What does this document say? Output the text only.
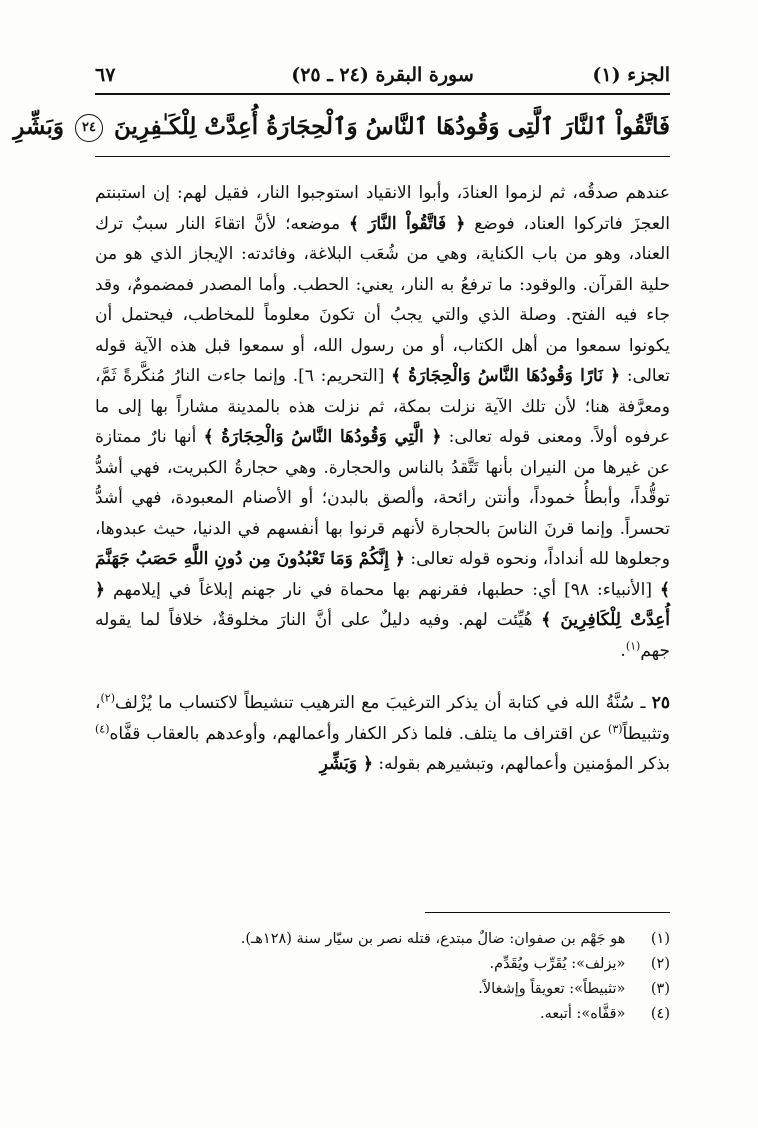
الجزء (١)
سورة البقرة (٢٤ ـ ٢٥)
٦٧
فَاتَّقُواْ ٱلنَّارَ ٱلَّتِى وَقُودُهَا ٱلنَّاسُ وَٱلْحِجَارَةُ أُعِدَّتْ لِلْكَـٰفِرِينَ ٢٤ وَبَشِّرِ

عندهم صدقُه، ثم لزموا العنادَ، وأبوا الانقياد استوجبوا النار، فقيل لهم: إن استبنتم العجزَ فاتركوا العناد، فوضع ﴿ فَاتَّقُواْ النَّارَ ﴾ موضعه؛ لأنَّ اتقاءَ النار سببٌ ترك العناد، وهو من باب الكناية، وهي من شُعَب البلاغة، وفائدته: الإيجاز الذي هو من حلية القرآن. والوقود: ما ترفعُ به النار، يعني: الحطب. وأما المصدر فمضمومٌ، وقد جاء فيه الفتح. وصلة الذي والتي يجبُ أن تكونَ معلوماً للمخاطب، فيحتمل أن يكونوا سمعوا من أهل الكتاب، أو من رسول الله، أو سمعوا قبل هذه الآية قوله تعالى: ﴿ نَارًا وَقُودُهَا النَّاسُ وَالْحِجَارَةُ ﴾ [التحريم: ٦]. وإنما جاءت النارُ مُنكَّرةً ثَمَّ، ومعرَّفة هنا؛ لأن تلك الآية نزلت بمكة، ثم نزلت هذه بالمدينة مشاراً بها إلى ما عرفوه أولاً. ومعنى قوله تعالى: ﴿ الَّتِي وَقُودُهَا النَّاسُ وَالْحِجَارَةُ ﴾ أنها نارٌ ممتازة عن غيرها من النيران بأنها تَتَّقدُ بالناس والحجارة. وهي حجارةُ الكبريت، فهي أشدُّ توقُّداً، وأبطأُ خموداً، وأنتن رائحة، وألصق بالبدن؛ أو الأصنام المعبودة، فهي أشدُّ تحسراً. وإنما قرنَ الناسَ بالحجارة لأنهم قرنوا بها أنفسهم في الدنيا، حيث عبدوها، وجعلوها لله أنداداً، ونحوه قوله تعالى: ﴿ إِنَّكُمْ وَمَا تَعْبُدُونَ مِن دُونِ اللَّهِ حَصَبُ جَهَنَّمَ ﴾ [الأنبياء: ٩٨] أي: حطبها، فقرنهم بها محماة في نار جهنم إبلاغاً في إيلامهم ﴿ أُعِدَّتْ لِلْكَافِرِينَ ﴾ هُيِّئت لهم. وفيه دليلٌ على أنَّ النارَ مخلوقةٌ، خلافاً لما يقوله جهم$^{(١)}$.

٢٥ ـ سُنَّةُ الله في كتابة أن يذكر الترغيبَ مع الترهيب تنشيطاً لاكتساب ما يُزْلف$^{(٢)}$، وتثبيطاً$^{(٣)}$ عن اقتراف ما يتلف. فلما ذكر الكفار وأعمالهم، وأوعدهم بالعقاب قفَّاه$^{(٤)}$ بذكر المؤمنين وأعمالهم، وتبشيرهم بقوله: ﴿ وَبَشِّرِ

(١) هو جَهْم بن صفوان: ضالٌ مبتدع، قتله نصر بن سيّار سنة (١٢٨هـ).
(٢) «يزلف»: يُقَرِّب ويُقَدِّم.
(٣) «تثبيطاً»: تعويقاً وإشغالاً.
(٤) «قفَّاه»: أتبعه.
